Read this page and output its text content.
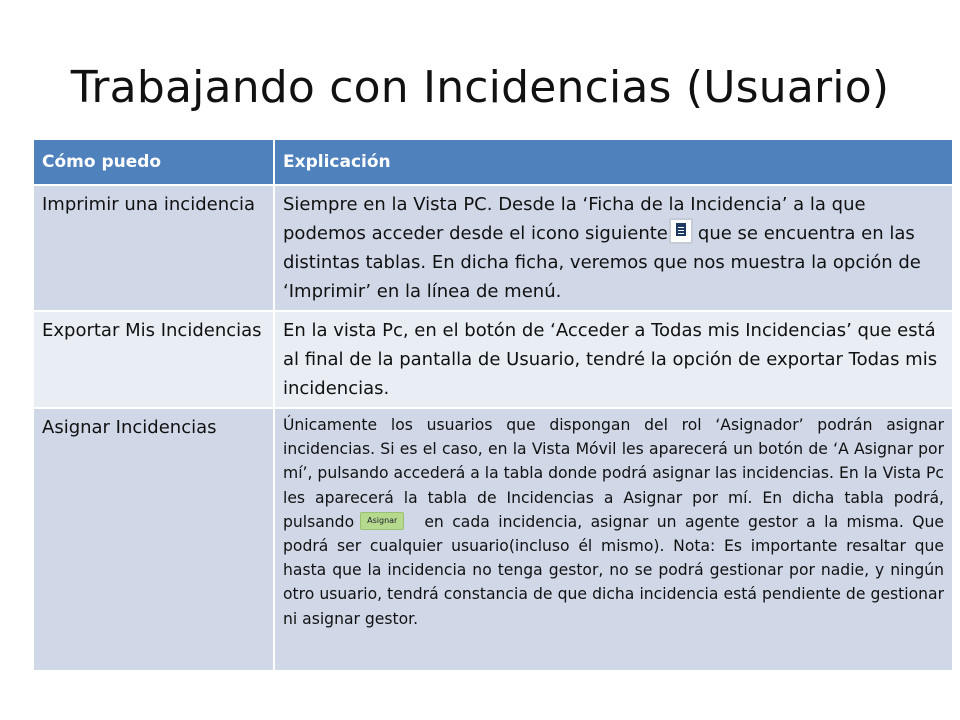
Trabajando con Incidencias (Usuario)
Cómo puedo	Explicación
Imprimir una incidencia	Siempre en la Vista PC. Desde la ‘Ficha de la Incidencia’ a la que podemos acceder desde el icono siguiente que se encuentra en las distintas tablas. En dicha ficha, veremos que nos muestra la opción de ‘Imprimir’ en la línea de menú.
Exportar Mis Incidencias	En la vista Pc, en el botón de ‘Acceder a Todas mis Incidencias’ que está al final de la pantalla de Usuario, tendré la opción de exportar Todas mis incidencias.
Asignar Incidencias	Únicamente los usuarios que dispongan del rol ‘Asignador’ podrán asignar incidencias. Si es el caso, en la Vista Móvil les aparecerá un botón de ‘A Asignar por mí’, pulsando accederá a la tabla donde podrá asignar las incidencias. En la Vista Pc les aparecerá la tabla de Incidencias a Asignar por mí. En dicha tabla podrá, pulsando Asignar en cada incidencia, asignar un agente gestor a la misma. Que podrá ser cualquier usuario(incluso él mismo). Nota: Es importante resaltar que hasta que la incidencia no tenga gestor, no se podrá gestionar por nadie, y ningún otro usuario, tendrá constancia de que dicha incidencia está pendiente de gestionar ni asignar gestor.
